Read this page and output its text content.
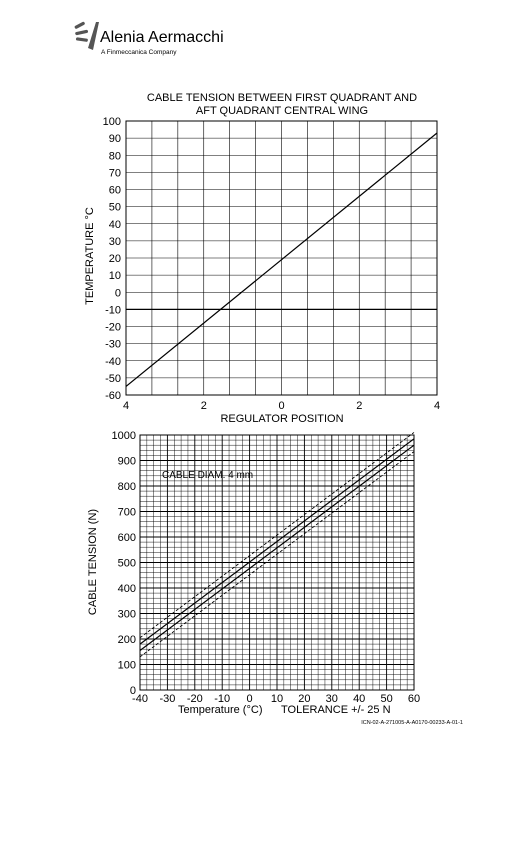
Alenia Aermacchi
A Finmeccanica Company
CABLE TENSION BETWEEN FIRST QUADRANT AND
AFT QUADRANT CENTRAL WING
-60
-50
-40
-30
-20
-10
0
10
20
30
40
50
60
70
80
90
100
4	2	0	2	4
REGULATOR POSITION
TEMPERATURE °C
0
100
200
300
400
500
600
700
800
900
1000
-40 -30 -20 -10 0 10 20 30 40 50 60
CABLE DIAM. 4 mm
Temperature (°C) TOLERANCE +/- 25 N
CABLE TENSION (N)
ICN-02-A-271005-A-A0170-00233-A-01-1
